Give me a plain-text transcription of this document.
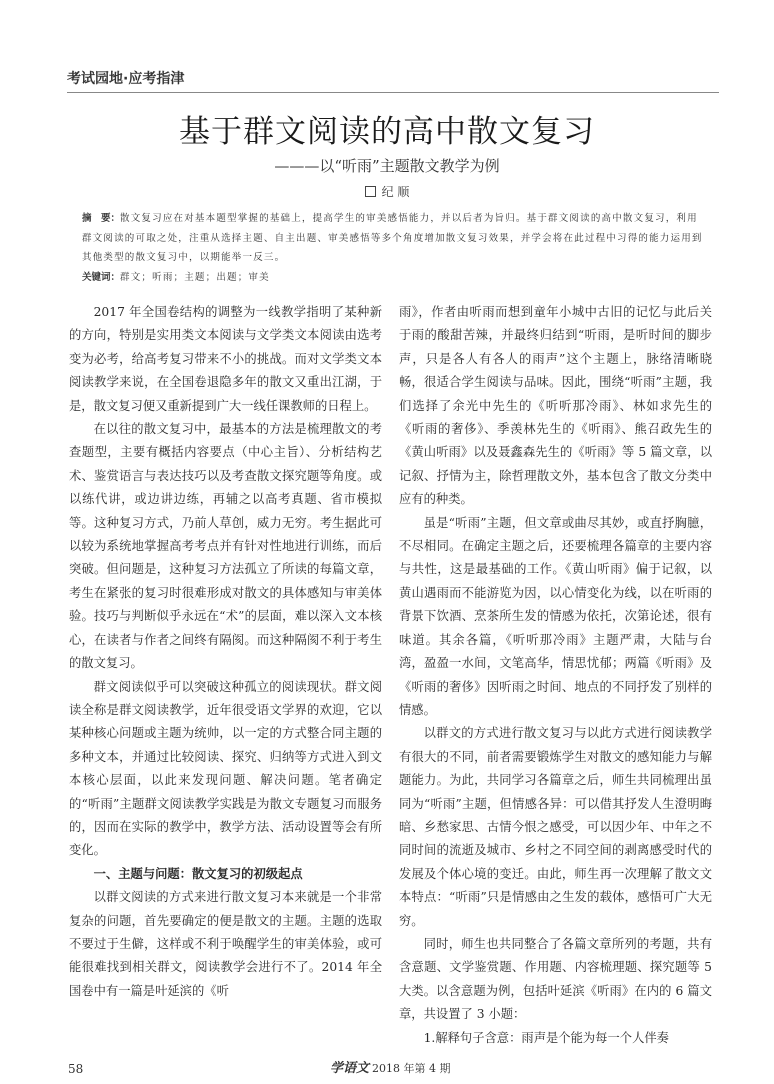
考试园地·应考指津
基于群文阅读的高中散文复习
———以“听雨”主题散文教学为例
纪 顺

摘　要：散文复习应在对基本题型掌握的基础上，提高学生的审美感悟能力，并以后者为旨归。基于群文阅读的高中散文复习，利用群文阅读的可取之处，注重从选择主题、自主出题、审美感悟等多个角度增加散文复习效果，并学会将在此过程中习得的能力运用到其他类型的散文复习中，以期能举一反三。

关键词：群文；听雨；主题；出题；审美

2017 年全国卷结构的调整为一线教学指明了某种新的方向，特别是实用类文本阅读与文学类文本阅读由选考变为必考，给高考复习带来不小的挑战。而对文学类文本阅读教学来说，在全国卷退隐多年的散文又重出江湖，于是，散文复习便又重新提到广大一线任课教师的日程上。

在以往的散文复习中，最基本的方法是梳理散文的考查题型，主要有概括内容要点（中心主旨）、分析结构艺术、鉴赏语言与表达技巧以及考查散文探究题等角度。或以练代讲，或边讲边练，再辅之以高考真题、省市模拟等。这种复习方式，乃前人草创，威力无穷。考生据此可以较为系统地掌握高考考点并有针对性地进行训练，而后突破。但问题是，这种复习方法孤立了所读的每篇文章，考生在紧张的复习时很难形成对散文的具体感知与审美体验。技巧与判断似乎永远在“术”的层面，难以深入文本核心，在读者与作者之间终有隔阂。而这种隔阂不利于考生的散文复习。

群文阅读似乎可以突破这种孤立的阅读现状。群文阅读全称是群文阅读教学，近年很受语文学界的欢迎，它以某种核心问题或主题为统帅，以一定的方式整合同主题的多种文本，并通过比较阅读、探究、归纳等方式进入到文本核心层面，以此来发现问题、解决问题。笔者确定的“听雨”主题群文阅读教学实践是为散文专题复习而服务的，因而在实际的教学中，教学方法、活动设置等会有所变化。

一、主题与问题：散文复习的初级起点

以群文阅读的方式来进行散文复习本来就是一个非常复杂的问题，首先要确定的便是散文的主题。主题的选取不要过于生僻，这样或不利于唤醒学生的审美体验，或可能很难找到相关群文，阅读教学会进行不了。2014 年全国卷中有一篇是叶延滨的《听

雨》，作者由听雨而想到童年小城中古旧的记忆与此后关于雨的酸甜苦辣，并最终归结到“听雨，是听时间的脚步声，只是各人有各人的雨声”这个主题上，脉络清晰晓畅，很适合学生阅读与品味。因此，围绕“听雨”主题，我们选择了余光中先生的《听听那冷雨》、林如求先生的《听雨的奢侈》、季羡林先生的《听雨》、熊召政先生的《黄山听雨》以及聂鑫森先生的《听雨》等 5 篇文章，以记叙、抒情为主，除哲理散文外，基本包含了散文分类中应有的种类。

虽是“听雨”主题，但文章或曲尽其妙，或直抒胸臆，不尽相同。在确定主题之后，还要梳理各篇章的主要内容与共性，这是最基础的工作。《黄山听雨》偏于记叙，以黄山遇雨而不能游览为因，以心情变化为线，以在听雨的背景下饮酒、烹茶所生发的情感为依托，次第论述，很有味道。其余各篇，《听听那冷雨》主题严肃，大陆与台湾，盈盈一水间，文笔高华，情思忧郁；两篇《听雨》及《听雨的奢侈》因听雨之时间、地点的不同抒发了别样的情感。

以群文的方式进行散文复习与以此方式进行阅读教学有很大的不同，前者需要锻炼学生对散文的感知能力与解题能力。为此，共同学习各篇章之后，师生共同梳理出虽同为“听雨”主题，但情感各异：可以借其抒发人生澄明晦暗、乡愁家思、古情今恨之感受，可以因少年、中年之不同时间的流逝及城市、乡村之不同空间的剥离感受时代的发展及个体心境的变迁。由此，师生再一次理解了散文文本特点：“听雨”只是情感由之生发的载体，感悟可广大无穷。

同时，师生也共同整合了各篇文章所列的考题，共有含意题、文学鉴赏题、作用题、内容梳理题、探究题等 5 大类。以含意题为例，包括叶延滨《听雨》在内的 6 篇文章，共设置了 3 小题：

1.解释句子含意：雨声是个能为每一个人伴奏

58	学语文 2018 年第 4 期
